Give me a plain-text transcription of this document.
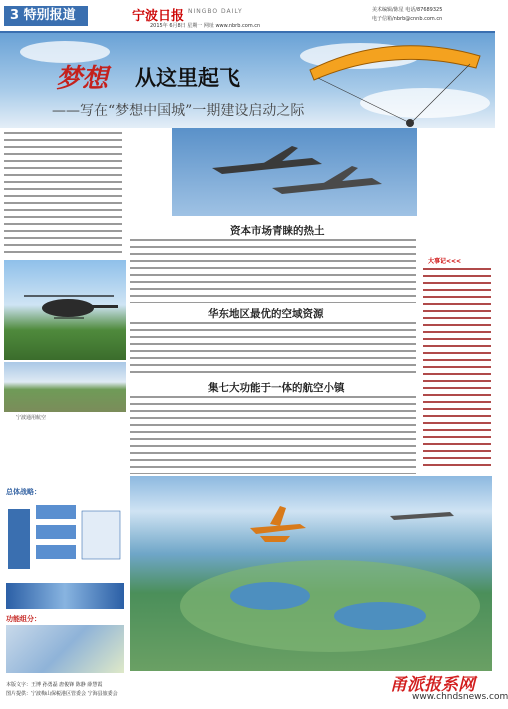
3 特别报道	宁波日报 NINGBO DAILY
2015年 6月8日 星期一 网址 www.nbrb.com.cn
美术编辑/陈星 电话/87689325
电子信箱/nbrb@cnnb.com.cn
梦想 从这里起飞
——写在“梦想中国城”一期建设启动之际
宁波通用航空
总体战略：
功能组分：
本版文字：王博 孙勇磊 唐俊锋 陈静 薛慧霞
图片提供：宁波梅山保税港区管委会 宁海县旅委会
资本市场青睐的热土
华东地区最优的空域资源
集七大功能于一体的航空小镇
大事记<<<
甬派报系网
www.chndsnews.com
